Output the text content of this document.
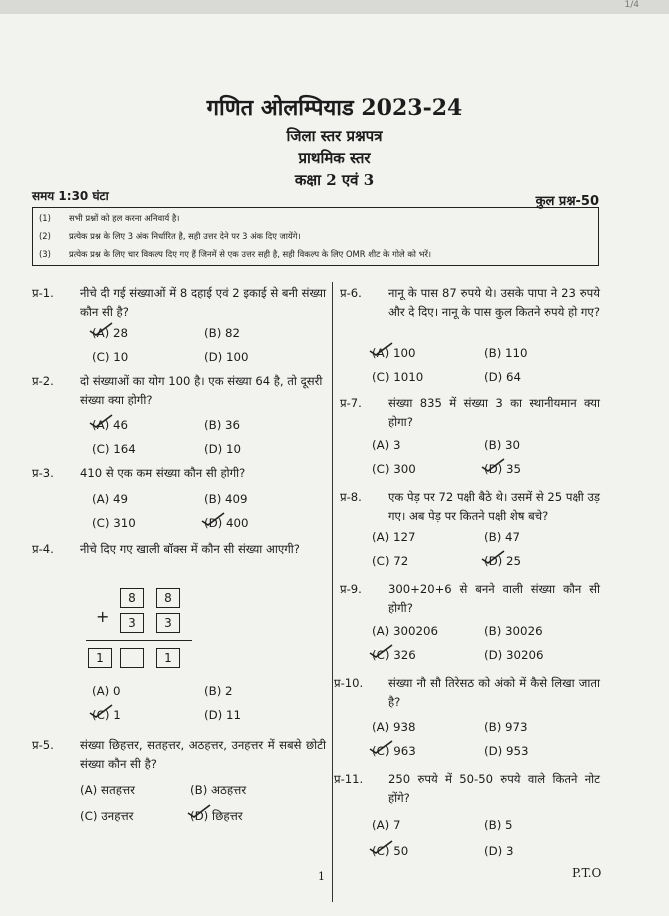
1/4
गणित ओलम्पियाड 2023-24
जिला स्तर प्रश्नपत्र
प्राथमिक स्तर
कक्षा 2 एवं 3
समय 1:30 घंटा	कुल प्रश्न-50
(1) सभी प्रश्नों को हल करना अनिवार्य है।
(2) प्रत्येक प्रश्न के लिए 3 अंक निर्धारित है, सही उत्तर देने पर 3 अंक दिए जायेंगे।
(3) प्रत्येक प्रश्न के लिए चार विकल्प दिए गए हैं जिनमें से एक उत्तर सही है, सही विकल्प के लिए OMR शीट के गोले को भरें।
प्र-1. नीचे दी गई संख्याओं में 8 दहाई एवं 2 इकाई से बनी संख्या कौन सी है?
(A) 28	(B) 82
(C) 10	(D) 100
प्र-2. दो संख्याओं का योग 100 है। एक संख्या 64 है, तो दूसरी संख्या क्या होगी?
(A) 46	(B) 36
(C) 164	(D) 10
प्र-3. 410 से एक कम संख्या कौन सी होगी?
(A) 49	(B) 409
(C) 310	(D) 400
प्र-4. नीचे दिए गए खाली बॉक्स में कौन सी संख्या आएगी?
8	8
+	3	3
1	1
(A) 0	(B) 2
(C) 1	(D) 11
प्र-5. संख्या छिहत्तर, सतहत्तर, अठहत्तर, उनहत्तर में सबसे छोटी संख्या कौन सी है?
(A) सतहत्तर	(B) अठहत्तर
(C) उनहत्तर	(D) छिहत्तर
प्र-6. नानू के पास 87 रुपये थे। उसके पापा ने 23 रुपये और दे दिए। नानू के पास कुल कितने रुपये हो गए?
(A) 100	(B) 110
(C) 1010	(D) 64
प्र-7. संख्या 835 में संख्या 3 का स्थानीयमान क्या होगा?
(A) 3	(B) 30
(C) 300	(D) 35
प्र-8. एक पेड़ पर 72 पक्षी बैठे थे। उसमें से 25 पक्षी उड़ गए। अब पेड़ पर कितने पक्षी शेष बचे?
(A) 127	(B) 47
(C) 72	(D) 25
प्र-9. 300+20+6 से बनने वाली संख्या कौन सी होगी?
(A) 300206	(B) 30026
(C) 326	(D) 30206
प्र-10. संख्या नौ सौ तिरेसठ को अंको में कैसे लिखा जाता है?
(A) 938	(B) 973
(C) 963	(D) 953
प्र-11. 250 रुपये में 50-50 रुपये वाले कितने नोट होंगे?
(A) 7	(B) 5
(C) 50	(D) 3
1	P.T.O
